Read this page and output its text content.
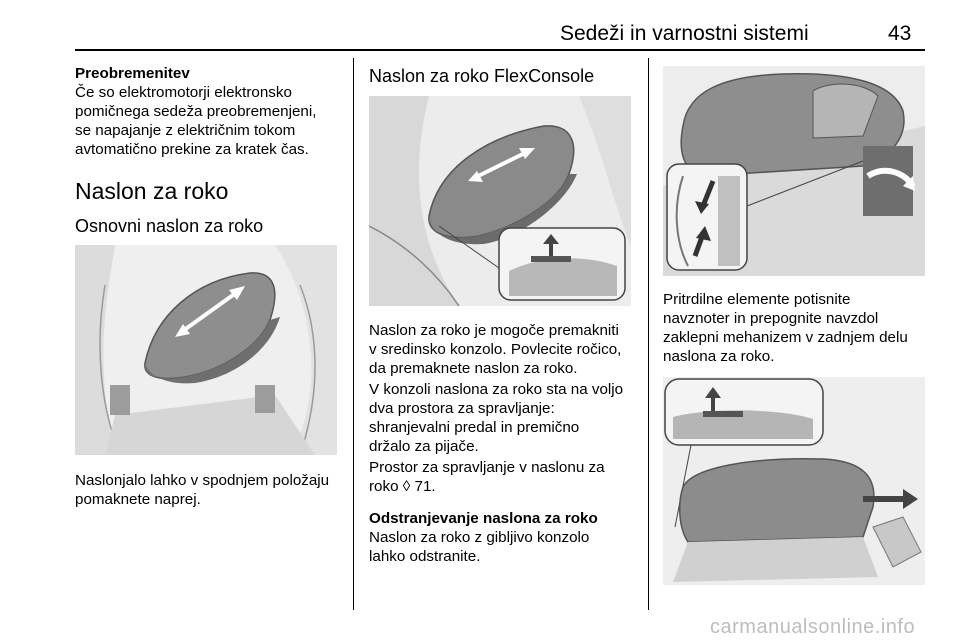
Sedeži in varnostni sistemi	43

Preobremenitev

Če so elektromotorji elektronsko

pomičnega sedeža preobremenjeni,

se napajanje z električnim tokom

avtomatično prekine za kratek čas.

Naslon za roko
Osnovni naslon za roko

Naslonjalo lahko v spodnjem položaju

pomaknete naprej.

Naslon za roko FlexConsole

Naslon za roko je mogoče premakniti

v sredinsko konzolo. Povlecite ročico,

da premaknete naslon za roko.

V konzoli naslona za roko sta na voljo

dva prostora za spravljanje:

shranjevalni predal in premično

držalo za pijače.

Prostor za spravljanje v naslonu za

roko ◊ 71.

Odstranjevanje naslona za roko

Naslon za roko z gibljivo konzolo

lahko odstranite.

Pritrdilne elemente potisnite

navznoter in prepognite navzdol

zaklepni mehanizem v zadnjem delu

naslona za roko.

carmanualsonline.info
